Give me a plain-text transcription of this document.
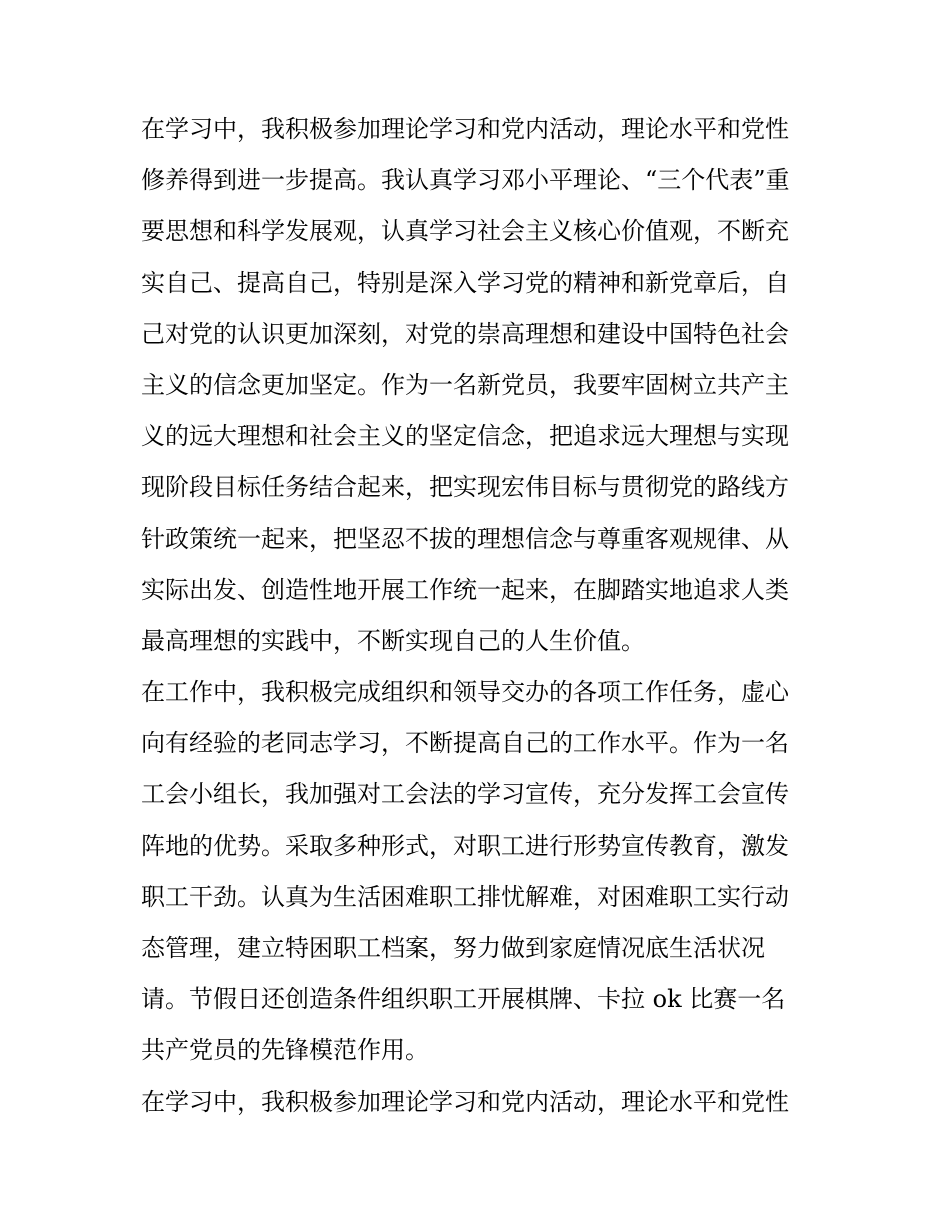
在学习中，我积极参加理论学习和党内活动，理论水平和党性
修养得到进一步提高。我认真学习邓小平理论、“三个代表”重
要思想和科学发展观，认真学习社会主义核心价值观，不断充
实自己、提高自己，特别是深入学习党的精神和新党章后，自
己对党的认识更加深刻，对党的崇高理想和建设中国特色社会
主义的信念更加坚定。作为一名新党员，我要牢固树立共产主
义的远大理想和社会主义的坚定信念，把追求远大理想与实现
现阶段目标任务结合起来，把实现宏伟目标与贯彻党的路线方
针政策统一起来，把坚忍不拔的理想信念与尊重客观规律、从
实际出发、创造性地开展工作统一起来，在脚踏实地追求人类
最高理想的实践中，不断实现自己的人生价值。
在工作中，我积极完成组织和领导交办的各项工作任务，虚心
向有经验的老同志学习，不断提高自己的工作水平。作为一名
工会小组长，我加强对工会法的学习宣传，充分发挥工会宣传
阵地的优势。采取多种形式，对职工进行形势宣传教育，激发
职工干劲。认真为生活困难职工排忧解难，对困难职工实行动
态管理，建立特困职工档案，努力做到家庭情况底生活状况
请。节假日还创造条件组织职工开展棋牌、卡拉 ok 比赛一名
共产党员的先锋模范作用。
在学习中，我积极参加理论学习和党内活动，理论水平和党性
